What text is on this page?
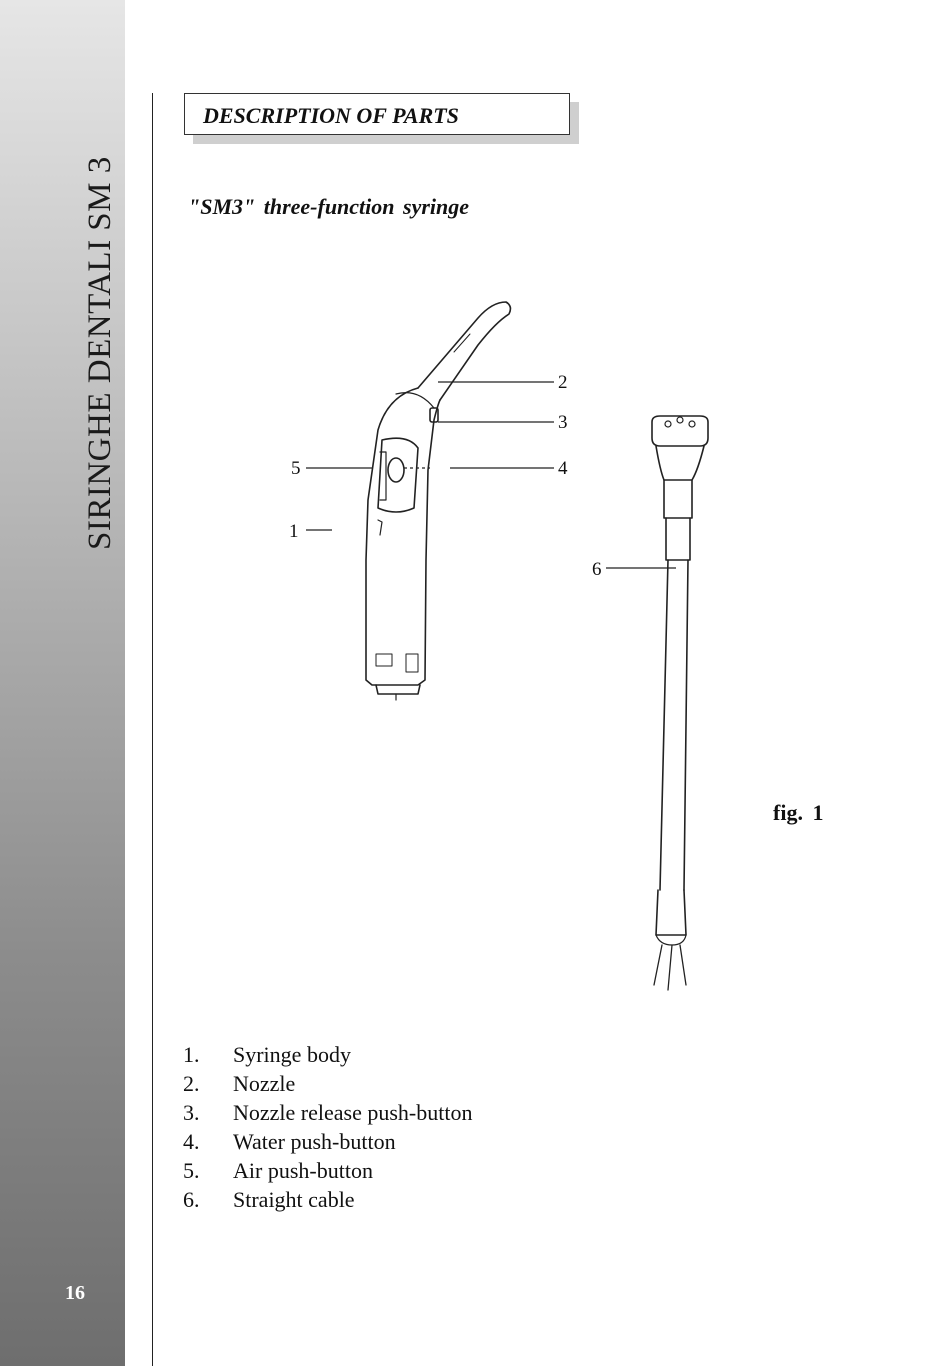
SIRINGHE DENTALI SM 3
16
DESCRIPTION OF PARTS
"SM3" three-function syringe
1
2
3
4
5
6
fig. 1
1. Syringe body
2. Nozzle
3. Nozzle release push-button
4. Water push-button
5. Air push-button
6. Straight cable
